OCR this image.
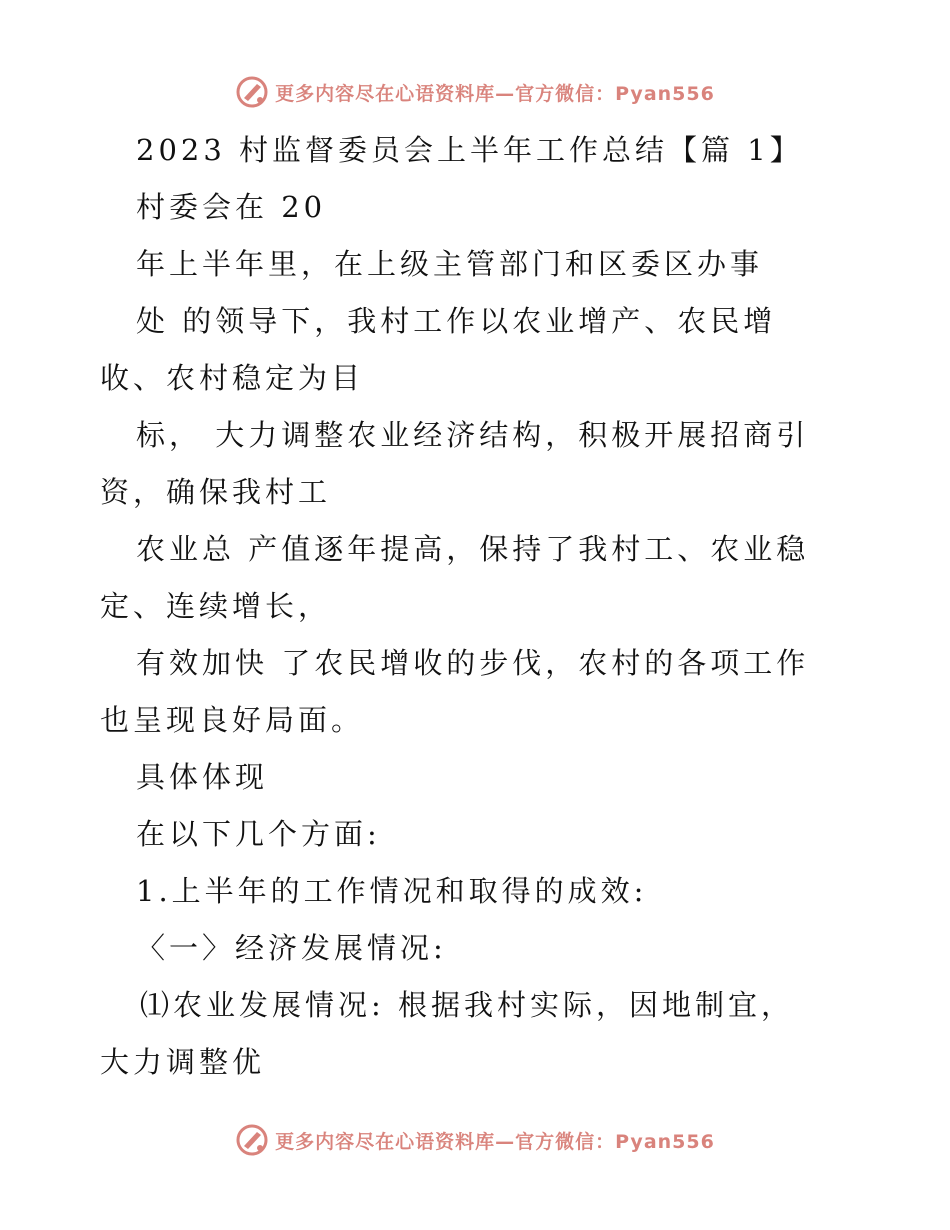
更多内容尽在心语资料库—官方微信：Pyan556
2023 村监督委员会上半年工作总结【篇 1】
村委会在 20
年上半年里，在上级主管部门和区委区办事
处 的领导下，我村工作以农业增产、农民增
收、农村稳定为目
标， 大力调整农业经济结构，积极开展招商引
资，确保我村工
农业总 产值逐年提高，保持了我村工、农业稳
定、连续增长，
有效加快 了农民增收的步伐，农村的各项工作
也呈现良好局面。
具体体现
在以下几个方面:
1.上半年的工作情况和取得的成效:
〈一〉经济发展情况:
⑴农业发展情况: 根据我村实际，因地制宜，
大力调整优
更多内容尽在心语资料库—官方微信：Pyan556
